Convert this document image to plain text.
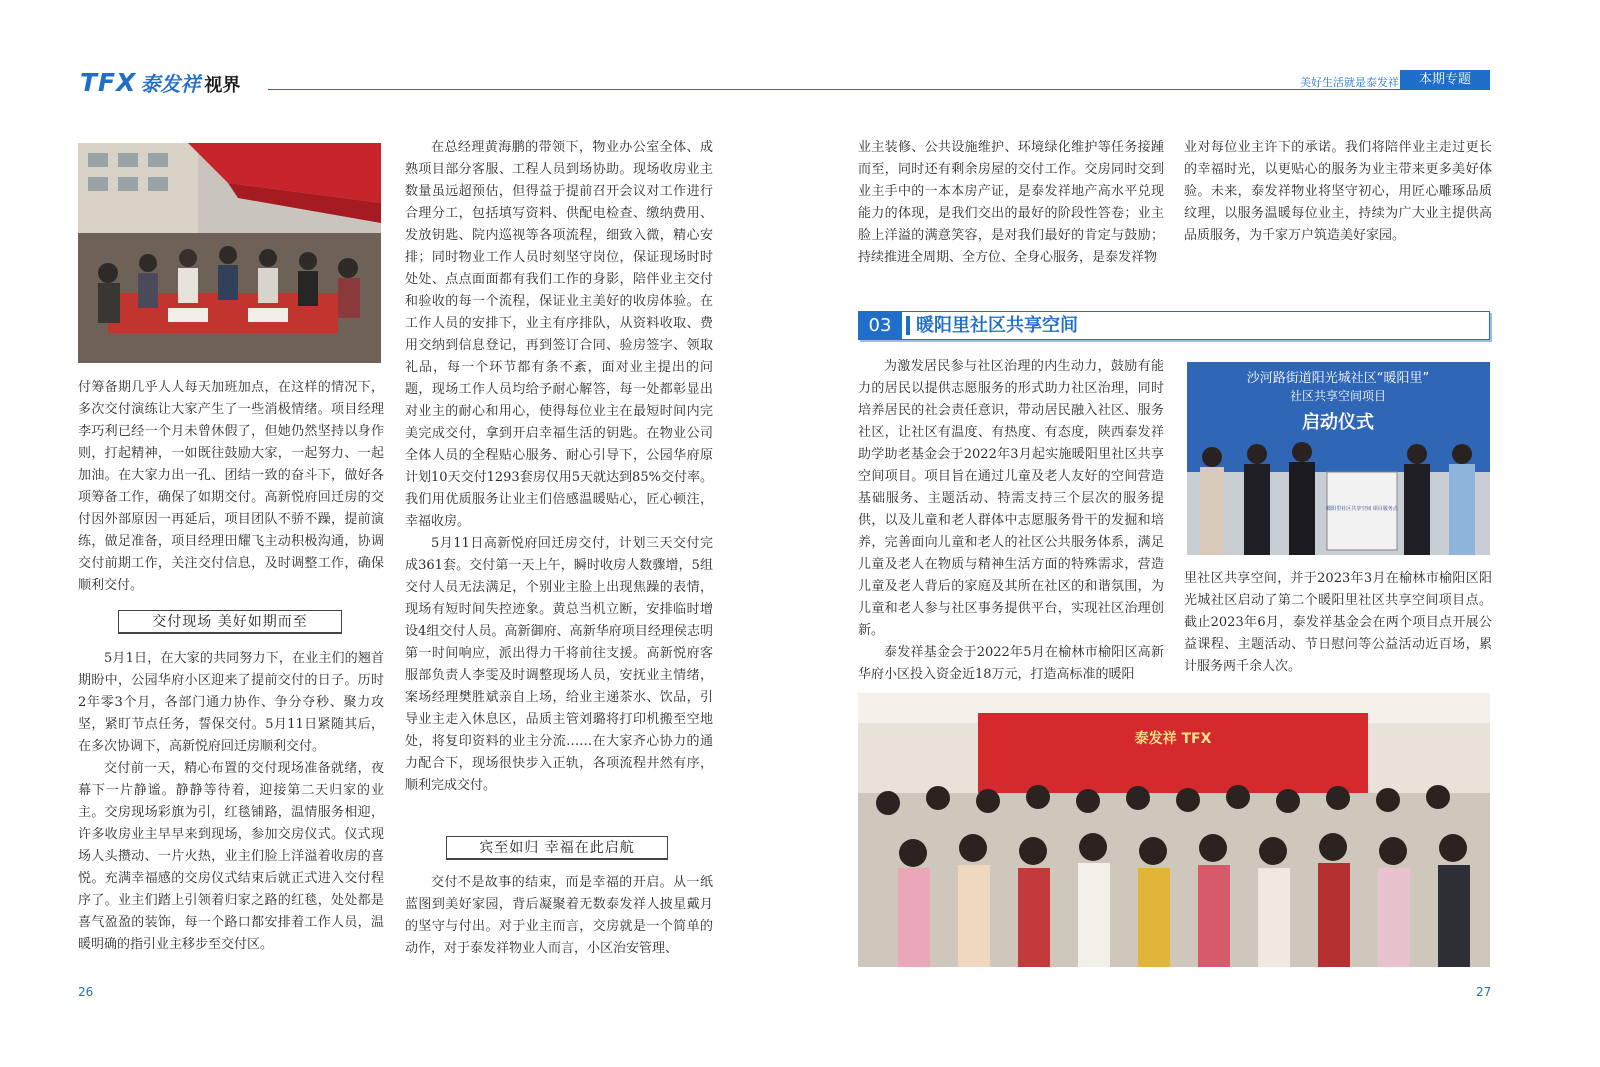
TFX 泰发祥 视界	美好生活就是泰发祥	本期专题

付筹备期几乎人人每天加班加点，在这样的情况下，多次交付演练让大家产生了一些消极情绪。项目经理李巧利已经一个月未曾休假了，但她仍然坚持以身作则，打起精神，一如既往鼓励大家，一起努力、一起加油。在大家力出一孔、团结一致的奋斗下，做好各项筹备工作，确保了如期交付。高新悦府回迁房的交付因外部原因一再延后，项目团队不骄不躁，提前演练，做足准备，项目经理田耀飞主动积极沟通，协调交付前期工作，关注交付信息，及时调整工作，确保顺利交付。

交付现场 美好如期而至

5月1日，在大家的共同努力下，在业主们的翘首期盼中，公园华府小区迎来了提前交付的日子。历时2年零3个月，各部门通力协作、争分夺秒、聚力攻坚，紧盯节点任务，誓保交付。5月11日紧随其后，在多次协调下，高新悦府回迁房顺利交付。

交付前一天，精心布置的交付现场准备就绪，夜幕下一片静谧。静静等待着，迎接第二天归家的业主。交房现场彩旗为引，红毯铺路，温情服务相迎，许多收房业主早早来到现场，参加交房仪式。仪式现场人头攒动、一片火热，业主们脸上洋溢着收房的喜悦。充满幸福感的交房仪式结束后就正式进入交付程序了。业主们踏上引领着归家之路的红毯，处处都是喜气盈盈的装饰，每一个路口都安排着工作人员，温暖明确的指引业主移步至交付区。

在总经理黄海鹏的带领下，物业办公室全体、成熟项目部分客服、工程人员到场协助。现场收房业主数量虽远超预估，但得益于提前召开会议对工作进行合理分工，包括填写资料、供配电检查、缴纳费用、发放钥匙、院内巡视等各项流程，细致入微，精心安排；同时物业工作人员时刻坚守岗位，保证现场时时处处、点点面面都有我们工作的身影，陪伴业主交付和验收的每一个流程，保证业主美好的收房体验。在工作人员的安排下，业主有序排队，从资料收取、费用交纳到信息登记，再到签订合同、验房签字、领取礼品，每一个环节都有条不紊，面对业主提出的问题，现场工作人员均给予耐心解答，每一处都彰显出对业主的耐心和用心，使得每位业主在最短时间内完美完成交付，拿到开启幸福生活的钥匙。在物业公司全体人员的全程贴心服务、耐心引导下，公园华府原计划10天交付1293套房仅用5天就达到85%交付率。我们用优质服务让业主们倍感温暖贴心，匠心顿注，幸福收房。

5月11日高新悦府回迁房交付，计划三天交付完成361套。交付第一天上午，瞬时收房人数骤增，5组交付人员无法满足，个别业主脸上出现焦躁的表情，现场有短时间失控迹象。黄总当机立断，安排临时增设4组交付人员。高新御府、高新华府项目经理侯志明第一时间响应，派出得力干将前往支援。高新悦府客服部负责人李雯及时调整现场人员，安抚业主情绪，案场经理樊胜斌亲自上场，给业主递茶水、饮品，引导业主走入休息区，品质主管刘璐将打印机搬至空地处，将复印资料的业主分流……在大家齐心协力的通力配合下，现场很快步入正轨，各项流程井然有序，顺利完成交付。

宾至如归 幸福在此启航

交付不是故事的结束，而是幸福的开启。从一纸蓝图到美好家园，背后凝聚着无数泰发祥人披星戴月的坚守与付出。对于业主而言，交房就是一个简单的动作，对于泰发祥物业人而言，小区治安管理、

26

业主装修、公共设施维护、环境绿化维护等任务接踵而至，同时还有剩余房屋的交付工作。交房同时交到业主手中的一本本房产证，是泰发祥地产高水平兑现能力的体现，是我们交出的最好的阶段性答卷；业主脸上洋溢的满意笑容，是对我们最好的肯定与鼓励；持续推进全周期、全方位、全身心服务，是泰发祥物

业对每位业主许下的承诺。我们将陪伴业主走过更长的幸福时光，以更贴心的服务为业主带来更多美好体验。未来，泰发祥物业将坚守初心，用匠心雕琢品质纹理，以服务温暖每位业主，持续为广大业主提供高品质服务，为千家万户筑造美好家园。

03	暖阳里社区共享空间

为激发居民参与社区治理的内生动力，鼓励有能力的居民以提供志愿服务的形式助力社区治理，同时培养居民的社会责任意识，带动居民融入社区、服务社区，让社区有温度、有热度、有态度，陕西泰发祥助学助老基金会于2022年3月起实施暖阳里社区共享空间项目。项目旨在通过儿童及老人友好的空间营造基础服务、主题活动、特需支持三个层次的服务提供，以及儿童和老人群体中志愿服务骨干的发掘和培养，完善面向儿童和老人的社区公共服务体系，满足儿童及老人在物质与精神生活方面的特殊需求，营造儿童及老人背后的家庭及其所在社区的和谐氛围，为儿童和老人参与社区事务提供平台，实现社区治理创新。

泰发祥基金会于2022年5月在榆林市榆阳区高新华府小区投入资金近18万元，打造高标准的暖阳

沙河路街道阳光城社区“暖阳里”
社区共享空间项目
启动仪式
暖阳里社区共享空间 项目服务点

里社区共享空间，并于2023年3月在榆林市榆阳区阳光城社区启动了第二个暖阳里社区共享空间项目点。截止2023年6月，泰发祥基金会在两个项目点开展公益课程、主题活动、节日慰问等公益活动近百场，累计服务两千余人次。

泰发祥 TFX
27
